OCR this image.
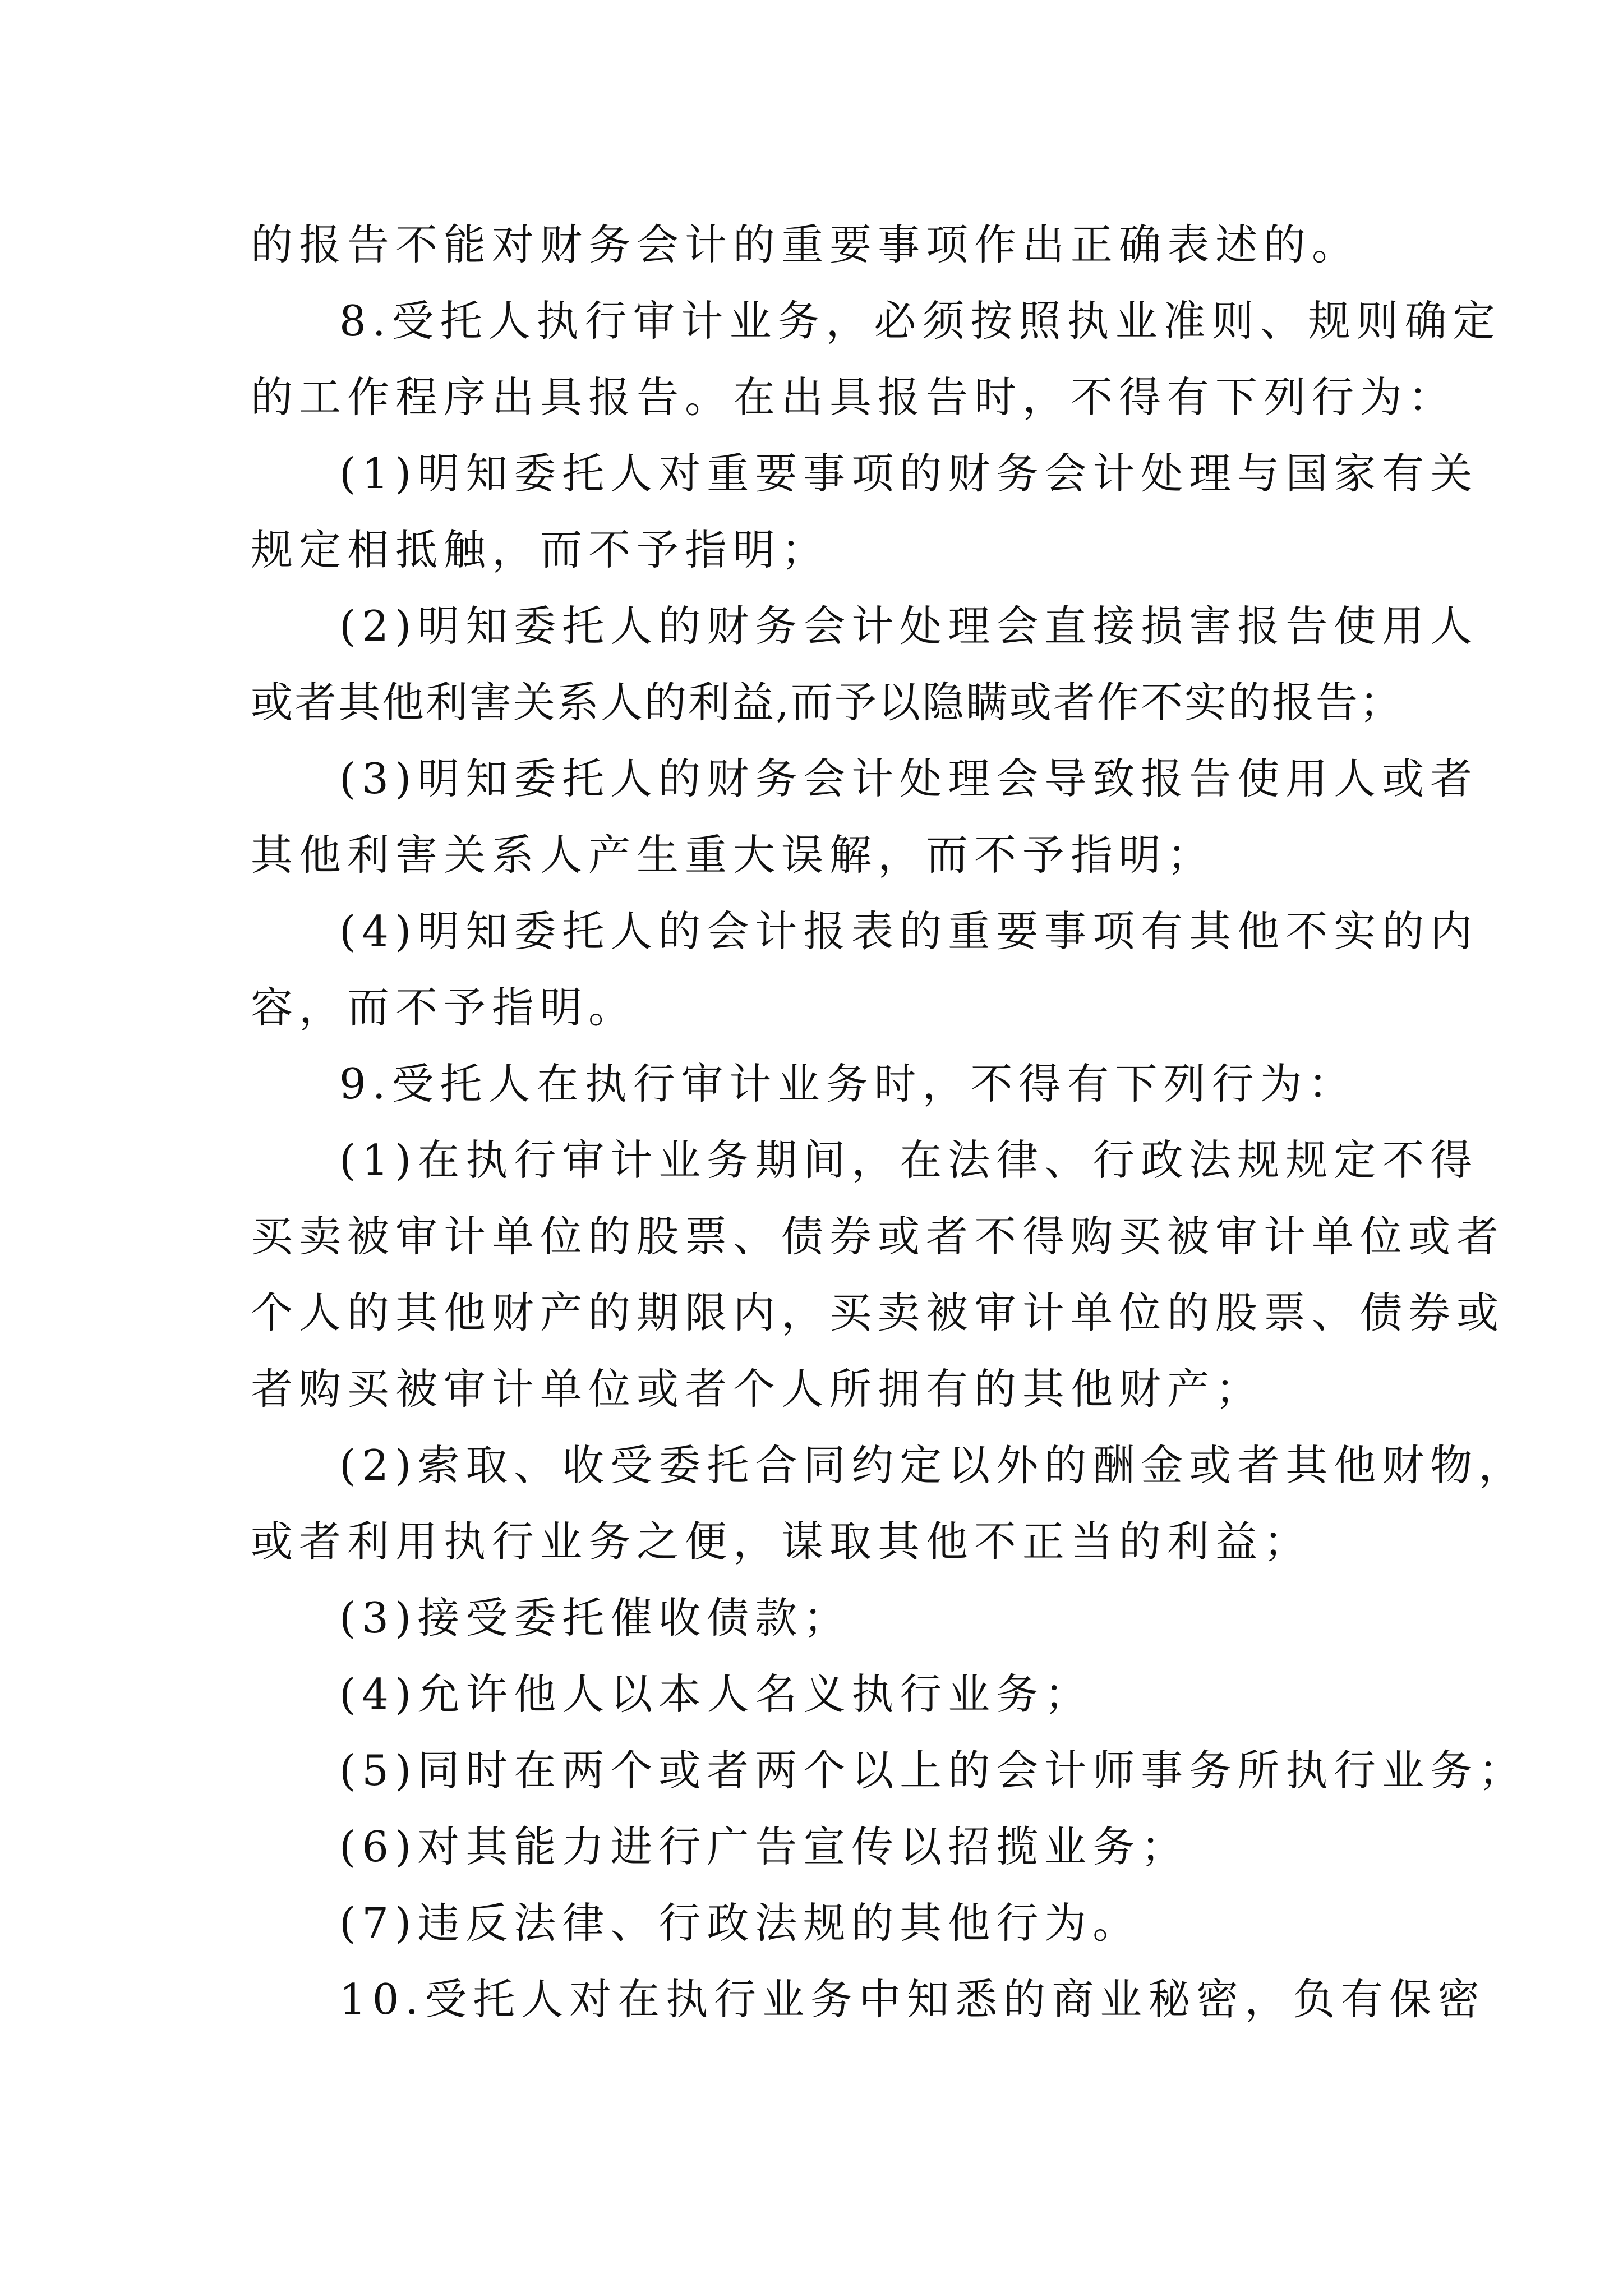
的报告不能对财务会计的重要事项作出正确表述的。
8.受托人执行审计业务，必须按照执业准则、规则确定
的工作程序出具报告。在出具报告时，不得有下列行为：
(1)明知委托人对重要事项的财务会计处理与国家有关
规定相抵触，而不予指明；
(2)明知委托人的财务会计处理会直接损害报告使用人
或者其他利害关系人的利益,而予以隐瞒或者作不实的报告；
(3)明知委托人的财务会计处理会导致报告使用人或者
其他利害关系人产生重大误解，而不予指明；
(4)明知委托人的会计报表的重要事项有其他不实的内
容，而不予指明。
9.受托人在执行审计业务时，不得有下列行为：
(1)在执行审计业务期间，在法律、行政法规规定不得
买卖被审计单位的股票、债券或者不得购买被审计单位或者
个人的其他财产的期限内，买卖被审计单位的股票、债券或
者购买被审计单位或者个人所拥有的其他财产；
(2)索取、收受委托合同约定以外的酬金或者其他财物，
或者利用执行业务之便，谋取其他不正当的利益；
(3)接受委托催收债款；
(4)允许他人以本人名义执行业务；
(5)同时在两个或者两个以上的会计师事务所执行业务；
(6)对其能力进行广告宣传以招揽业务；
(7)违反法律、行政法规的其他行为。
10.受托人对在执行业务中知悉的商业秘密，负有保密
